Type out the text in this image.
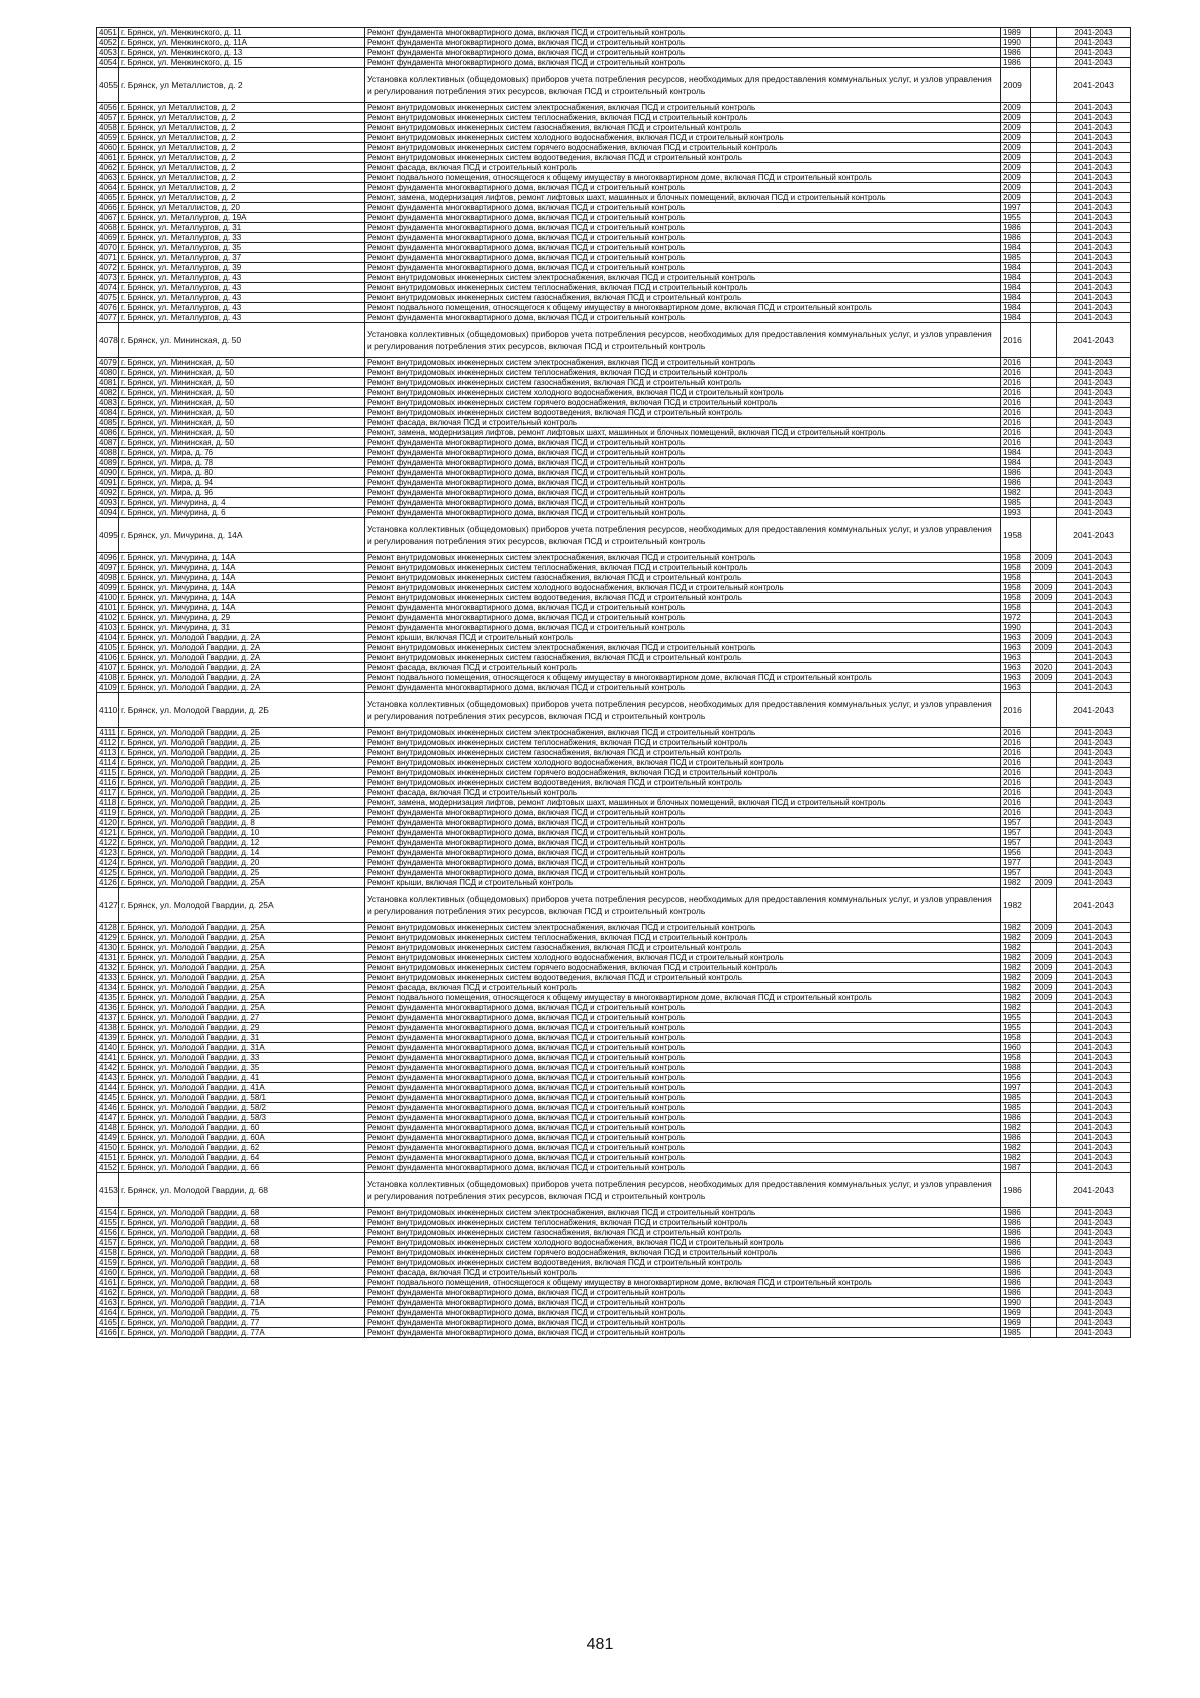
4051	г. Брянск, ул. Менжинского, д. 11	Ремонт фундамента многоквартирного дома, включая ПСД и строительный контроль	1989		2041-2043
4052	г. Брянск, ул. Менжинского, д. 11А	Ремонт фундамента многоквартирного дома, включая ПСД и строительный контроль	1990		2041-2043
4053	г. Брянск, ул. Менжинского, д. 13	Ремонт фундамента многоквартирного дома, включая ПСД и строительный контроль	1986		2041-2043
4054	г. Брянск, ул. Менжинского, д. 15	Ремонт фундамента многоквартирного дома, включая ПСД и строительный контроль	1986		2041-2043
4055	г. Брянск, ул Металлистов, д. 2	Установка коллективных (общедомовых) приборов учета потребления ресурсов, необходимых для предоставления коммунальных услуг, и узлов управления и регулирования потребления этих ресурсов, включая ПСД и строительный контроль	2009		2041-2043
4056	г. Брянск, ул Металлистов, д. 2	Ремонт внутридомовых инженерных систем электроснабжения, включая ПСД и строительный контроль	2009		2041-2043
4057	г. Брянск, ул Металлистов, д. 2	Ремонт внутридомовых инженерных систем теплоснабжения, включая ПСД и строительный контроль	2009		2041-2043
4058	г. Брянск, ул Металлистов, д. 2	Ремонт внутридомовых инженерных систем газоснабжения, включая ПСД и строительный контроль	2009		2041-2043
4059	г. Брянск, ул Металлистов, д. 2	Ремонт внутридомовых инженерных систем холодного водоснабжения, включая ПСД и строительный контроль	2009		2041-2043
4060	г. Брянск, ул Металлистов, д. 2	Ремонт внутридомовых инженерных систем горячего водоснабжения, включая ПСД и строительный контроль	2009		2041-2043
4061	г. Брянск, ул Металлистов, д. 2	Ремонт внутридомовых инженерных систем водоотведения, включая ПСД и строительный контроль	2009		2041-2043
4062	г. Брянск, ул Металлистов, д. 2	Ремонт фасада, включая ПСД и строительный контроль	2009		2041-2043
4063	г. Брянск, ул Металлистов, д. 2	Ремонт подвального помещения, относящегося к общему имуществу в многоквартирном доме, включая ПСД и строительный контроль	2009		2041-2043
4064	г. Брянск, ул Металлистов, д. 2	Ремонт фундамента многоквартирного дома, включая ПСД и строительный контроль	2009		2041-2043
4065	г. Брянск, ул Металлистов, д. 2	Ремонт, замена, модернизация лифтов, ремонт лифтовых шахт, машинных и блочных помещений, включая ПСД и строительный контроль	2009		2041-2043
4066	г. Брянск, ул Металлистов, д. 20	Ремонт фундамента многоквартирного дома, включая ПСД и строительный контроль	1997		2041-2043
4067	г. Брянск, ул. Металлургов, д. 19А	Ремонт фундамента многоквартирного дома, включая ПСД и строительный контроль	1955		2041-2043
4068	г. Брянск, ул. Металлургов, д. 31	Ремонт фундамента многоквартирного дома, включая ПСД и строительный контроль	1986		2041-2043
4069	г. Брянск, ул. Металлургов, д. 33	Ремонт фундамента многоквартирного дома, включая ПСД и строительный контроль	1986		2041-2043
4070	г. Брянск, ул. Металлургов, д. 35	Ремонт фундамента многоквартирного дома, включая ПСД и строительный контроль	1984		2041-2043
4071	г. Брянск, ул. Металлургов, д. 37	Ремонт фундамента многоквартирного дома, включая ПСД и строительный контроль	1985		2041-2043
4072	г. Брянск, ул. Металлургов, д. 39	Ремонт фундамента многоквартирного дома, включая ПСД и строительный контроль	1984		2041-2043
4073	г. Брянск, ул. Металлургов, д. 43	Ремонт внутридомовых инженерных систем электроснабжения, включая ПСД и строительный контроль	1984		2041-2043
4074	г. Брянск, ул. Металлургов, д. 43	Ремонт внутридомовых инженерных систем теплоснабжения, включая ПСД и строительный контроль	1984		2041-2043
4075	г. Брянск, ул. Металлургов, д. 43	Ремонт внутридомовых инженерных систем газоснабжения, включая ПСД и строительный контроль	1984		2041-2043
4076	г. Брянск, ул. Металлургов, д. 43	Ремонт подвального помещения, относящегося к общему имуществу в многоквартирном доме, включая ПСД и строительный контроль	1984		2041-2043
4077	г. Брянск, ул. Металлургов, д. 43	Ремонт фундамента многоквартирного дома, включая ПСД и строительный контроль	1984		2041-2043
4078	г. Брянск, ул. Мининская, д. 50	Установка коллективных (общедомовых) приборов учета потребления ресурсов, необходимых для предоставления коммунальных услуг, и узлов управления и регулирования потребления этих ресурсов, включая ПСД и строительный контроль	2016		2041-2043
4079	г. Брянск, ул. Мининская, д. 50	Ремонт внутридомовых инженерных систем электроснабжения, включая ПСД и строительный контроль	2016		2041-2043
4080	г. Брянск, ул. Мининская, д. 50	Ремонт внутридомовых инженерных систем теплоснабжения, включая ПСД и строительный контроль	2016		2041-2043
4081	г. Брянск, ул. Мининская, д. 50	Ремонт внутридомовых инженерных систем газоснабжения, включая ПСД и строительный контроль	2016		2041-2043
4082	г. Брянск, ул. Мининская, д. 50	Ремонт внутридомовых инженерных систем холодного водоснабжения, включая ПСД и строительный контроль	2016		2041-2043
4083	г. Брянск, ул. Мининская, д. 50	Ремонт внутридомовых инженерных систем горячего водоснабжения, включая ПСД и строительный контроль	2016		2041-2043
4084	г. Брянск, ул. Мининская, д. 50	Ремонт внутридомовых инженерных систем водоотведения, включая ПСД и строительный контроль	2016		2041-2043
4085	г. Брянск, ул. Мининская, д. 50	Ремонт фасада, включая ПСД и строительный контроль	2016		2041-2043
4086	г. Брянск, ул. Мининская, д. 50	Ремонт, замена, модернизация лифтов, ремонт лифтовых шахт, машинных и блочных помещений, включая ПСД и строительный контроль	2016		2041-2043
4087	г. Брянск, ул. Мининская, д. 50	Ремонт фундамента многоквартирного дома, включая ПСД и строительный контроль	2016		2041-2043
4088	г. Брянск, ул. Мира, д. 76	Ремонт фундамента многоквартирного дома, включая ПСД и строительный контроль	1984		2041-2043
4089	г. Брянск, ул. Мира, д. 78	Ремонт фундамента многоквартирного дома, включая ПСД и строительный контроль	1984		2041-2043
4090	г. Брянск, ул. Мира, д. 80	Ремонт фундамента многоквартирного дома, включая ПСД и строительный контроль	1986		2041-2043
4091	г. Брянск, ул. Мира, д. 94	Ремонт фундамента многоквартирного дома, включая ПСД и строительный контроль	1986		2041-2043
4092	г. Брянск, ул. Мира, д. 96	Ремонт фундамента многоквартирного дома, включая ПСД и строительный контроль	1982		2041-2043
4093	г. Брянск, ул. Мичурина, д. 4	Ремонт фундамента многоквартирного дома, включая ПСД и строительный контроль	1985		2041-2043
4094	г. Брянск, ул. Мичурина, д. 6	Ремонт фундамента многоквартирного дома, включая ПСД и строительный контроль	1993		2041-2043
4095	г. Брянск, ул. Мичурина, д. 14А	Установка коллективных (общедомовых) приборов учета потребления ресурсов, необходимых для предоставления коммунальных услуг, и узлов управления и регулирования потребления этих ресурсов, включая ПСД и строительный контроль	1958		2041-2043
4096	г. Брянск, ул. Мичурина, д. 14А	Ремонт внутридомовых инженерных систем электроснабжения, включая ПСД и строительный контроль	1958	2009	2041-2043
4097	г. Брянск, ул. Мичурина, д. 14А	Ремонт внутридомовых инженерных систем теплоснабжения, включая ПСД и строительный контроль	1958	2009	2041-2043
4098	г. Брянск, ул. Мичурина, д. 14А	Ремонт внутридомовых инженерных систем газоснабжения, включая ПСД и строительный контроль	1958		2041-2043
4099	г. Брянск, ул. Мичурина, д. 14А	Ремонт внутридомовых инженерных систем холодного водоснабжения, включая ПСД и строительный контроль	1958	2009	2041-2043
4100	г. Брянск, ул. Мичурина, д. 14А	Ремонт внутридомовых инженерных систем водоотведения, включая ПСД и строительный контроль	1958	2009	2041-2043
4101	г. Брянск, ул. Мичурина, д. 14А	Ремонт фундамента многоквартирного дома, включая ПСД и строительный контроль	1958		2041-2043
4102	г. Брянск, ул. Мичурина, д. 29	Ремонт фундамента многоквартирного дома, включая ПСД и строительный контроль	1972		2041-2043
4103	г. Брянск, ул. Мичурина, д. 31	Ремонт фундамента многоквартирного дома, включая ПСД и строительный контроль	1990		2041-2043
4104	г. Брянск, ул. Молодой Гвардии, д. 2А	Ремонт крыши, включая ПСД и строительный контроль	1963	2009	2041-2043
4105	г. Брянск, ул. Молодой Гвардии, д. 2А	Ремонт внутридомовых инженерных систем электроснабжения, включая ПСД и строительный контроль	1963	2009	2041-2043
4106	г. Брянск, ул. Молодой Гвардии, д. 2А	Ремонт внутридомовых инженерных систем газоснабжения, включая ПСД и строительный контроль	1963		2041-2043
4107	г. Брянск, ул. Молодой Гвардии, д. 2А	Ремонт фасада, включая ПСД и строительный контроль	1963	2020	2041-2043
4108	г. Брянск, ул. Молодой Гвардии, д. 2А	Ремонт подвального помещения, относящегося к общему имуществу в многоквартирном доме, включая ПСД и строительный контроль	1963	2009	2041-2043
4109	г. Брянск, ул. Молодой Гвардии, д. 2А	Ремонт фундамента многоквартирного дома, включая ПСД и строительный контроль	1963		2041-2043
4110	г. Брянск, ул. Молодой Гвардии, д. 2Б	Установка коллективных (общедомовых) приборов учета потребления ресурсов, необходимых для предоставления коммунальных услуг, и узлов управления и регулирования потребления этих ресурсов, включая ПСД и строительный контроль	2016		2041-2043
4111	г. Брянск, ул. Молодой Гвардии, д. 2Б	Ремонт внутридомовых инженерных систем электроснабжения, включая ПСД и строительный контроль	2016		2041-2043
4112	г. Брянск, ул. Молодой Гвардии, д. 2Б	Ремонт внутридомовых инженерных систем теплоснабжения, включая ПСД и строительный контроль	2016		2041-2043
4113	г. Брянск, ул. Молодой Гвардии, д. 2Б	Ремонт внутридомовых инженерных систем газоснабжения, включая ПСД и строительный контроль	2016		2041-2043
4114	г. Брянск, ул. Молодой Гвардии, д. 2Б	Ремонт внутридомовых инженерных систем холодного водоснабжения, включая ПСД и строительный контроль	2016		2041-2043
4115	г. Брянск, ул. Молодой Гвардии, д. 2Б	Ремонт внутридомовых инженерных систем горячего водоснабжения, включая ПСД и строительный контроль	2016		2041-2043
4116	г. Брянск, ул. Молодой Гвардии, д. 2Б	Ремонт внутридомовых инженерных систем водоотведения, включая ПСД и строительный контроль	2016		2041-2043
4117	г. Брянск, ул. Молодой Гвардии, д. 2Б	Ремонт фасада, включая ПСД и строительный контроль	2016		2041-2043
4118	г. Брянск, ул. Молодой Гвардии, д. 2Б	Ремонт, замена, модернизация лифтов, ремонт лифтовых шахт, машинных и блочных помещений, включая ПСД и строительный контроль	2016		2041-2043
4119	г. Брянск, ул. Молодой Гвардии, д. 2Б	Ремонт фундамента многоквартирного дома, включая ПСД и строительный контроль	2016		2041-2043
4120	г. Брянск, ул. Молодой Гвардии, д. 8	Ремонт фундамента многоквартирного дома, включая ПСД и строительный контроль	1957		2041-2043
4121	г. Брянск, ул. Молодой Гвардии, д. 10	Ремонт фундамента многоквартирного дома, включая ПСД и строительный контроль	1957		2041-2043
4122	г. Брянск, ул. Молодой Гвардии, д. 12	Ремонт фундамента многоквартирного дома, включая ПСД и строительный контроль	1957		2041-2043
4123	г. Брянск, ул. Молодой Гвардии, д. 14	Ремонт фундамента многоквартирного дома, включая ПСД и строительный контроль	1956		2041-2043
4124	г. Брянск, ул. Молодой Гвардии, д. 20	Ремонт фундамента многоквартирного дома, включая ПСД и строительный контроль	1977		2041-2043
4125	г. Брянск, ул. Молодой Гвардии, д. 25	Ремонт фундамента многоквартирного дома, включая ПСД и строительный контроль	1957		2041-2043
4126	г. Брянск, ул. Молодой Гвардии, д. 25А	Ремонт крыши, включая ПСД и строительный контроль	1982	2009	2041-2043
4127	г. Брянск, ул. Молодой Гвардии, д. 25А	Установка коллективных (общедомовых) приборов учета потребления ресурсов, необходимых для предоставления коммунальных услуг, и узлов управления и регулирования потребления этих ресурсов, включая ПСД и строительный контроль	1982		2041-2043
4128	г. Брянск, ул. Молодой Гвардии, д. 25А	Ремонт внутридомовых инженерных систем электроснабжения, включая ПСД и строительный контроль	1982	2009	2041-2043
4129	г. Брянск, ул. Молодой Гвардии, д. 25А	Ремонт внутридомовых инженерных систем теплоснабжения, включая ПСД и строительный контроль	1982	2009	2041-2043
4130	г. Брянск, ул. Молодой Гвардии, д. 25А	Ремонт внутридомовых инженерных систем газоснабжения, включая ПСД и строительный контроль	1982		2041-2043
4131	г. Брянск, ул. Молодой Гвардии, д. 25А	Ремонт внутридомовых инженерных систем холодного водоснабжения, включая ПСД и строительный контроль	1982	2009	2041-2043
4132	г. Брянск, ул. Молодой Гвардии, д. 25А	Ремонт внутридомовых инженерных систем горячего водоснабжения, включая ПСД и строительный контроль	1982	2009	2041-2043
4133	г. Брянск, ул. Молодой Гвардии, д. 25А	Ремонт внутридомовых инженерных систем водоотведения, включая ПСД и строительный контроль	1982	2009	2041-2043
4134	г. Брянск, ул. Молодой Гвардии, д. 25А	Ремонт фасада, включая ПСД и строительный контроль	1982	2009	2041-2043
4135	г. Брянск, ул. Молодой Гвардии, д. 25А	Ремонт подвального помещения, относящегося к общему имуществу в многоквартирном доме, включая ПСД и строительный контроль	1982	2009	2041-2043
4136	г. Брянск, ул. Молодой Гвардии, д. 25А	Ремонт фундамента многоквартирного дома, включая ПСД и строительный контроль	1982		2041-2043
4137	г. Брянск, ул. Молодой Гвардии, д. 27	Ремонт фундамента многоквартирного дома, включая ПСД и строительный контроль	1955		2041-2043
4138	г. Брянск, ул. Молодой Гвардии, д. 29	Ремонт фундамента многоквартирного дома, включая ПСД и строительный контроль	1955		2041-2043
4139	г. Брянск, ул. Молодой Гвардии, д. 31	Ремонт фундамента многоквартирного дома, включая ПСД и строительный контроль	1958		2041-2043
4140	г. Брянск, ул. Молодой Гвардии, д. 31А	Ремонт фундамента многоквартирного дома, включая ПСД и строительный контроль	1960		2041-2043
4141	г. Брянск, ул. Молодой Гвардии, д. 33	Ремонт фундамента многоквартирного дома, включая ПСД и строительный контроль	1958		2041-2043
4142	г. Брянск, ул. Молодой Гвардии, д. 35	Ремонт фундамента многоквартирного дома, включая ПСД и строительный контроль	1988		2041-2043
4143	г. Брянск, ул. Молодой Гвардии, д. 41	Ремонт фундамента многоквартирного дома, включая ПСД и строительный контроль	1956		2041-2043
4144	г. Брянск, ул. Молодой Гвардии, д. 41А	Ремонт фундамента многоквартирного дома, включая ПСД и строительный контроль	1997		2041-2043
4145	г. Брянск, ул. Молодой Гвардии, д. 58/1	Ремонт фундамента многоквартирного дома, включая ПСД и строительный контроль	1985		2041-2043
4146	г. Брянск, ул. Молодой Гвардии, д. 58/2	Ремонт фундамента многоквартирного дома, включая ПСД и строительный контроль	1985		2041-2043
4147	г. Брянск, ул. Молодой Гвардии, д. 58/3	Ремонт фундамента многоквартирного дома, включая ПСД и строительный контроль	1986		2041-2043
4148	г. Брянск, ул. Молодой Гвардии, д. 60	Ремонт фундамента многоквартирного дома, включая ПСД и строительный контроль	1982		2041-2043
4149	г. Брянск, ул. Молодой Гвардии, д. 60А	Ремонт фундамента многоквартирного дома, включая ПСД и строительный контроль	1986		2041-2043
4150	г. Брянск, ул. Молодой Гвардии, д. 62	Ремонт фундамента многоквартирного дома, включая ПСД и строительный контроль	1982		2041-2043
4151	г. Брянск, ул. Молодой Гвардии, д. 64	Ремонт фундамента многоквартирного дома, включая ПСД и строительный контроль	1982		2041-2043
4152	г. Брянск, ул. Молодой Гвардии, д. 66	Ремонт фундамента многоквартирного дома, включая ПСД и строительный контроль	1987		2041-2043
4153	г. Брянск, ул. Молодой Гвардии, д. 68	Установка коллективных (общедомовых) приборов учета потребления ресурсов, необходимых для предоставления коммунальных услуг, и узлов управления и регулирования потребления этих ресурсов, включая ПСД и строительный контроль	1986		2041-2043
4154	г. Брянск, ул. Молодой Гвардии, д. 68	Ремонт внутридомовых инженерных систем электроснабжения, включая ПСД и строительный контроль	1986		2041-2043
4155	г. Брянск, ул. Молодой Гвардии, д. 68	Ремонт внутридомовых инженерных систем теплоснабжения, включая ПСД и строительный контроль	1986		2041-2043
4156	г. Брянск, ул. Молодой Гвардии, д. 68	Ремонт внутридомовых инженерных систем газоснабжения, включая ПСД и строительный контроль	1986		2041-2043
4157	г. Брянск, ул. Молодой Гвардии, д. 68	Ремонт внутридомовых инженерных систем холодного водоснабжения, включая ПСД и строительный контроль	1986		2041-2043
4158	г. Брянск, ул. Молодой Гвардии, д. 68	Ремонт внутридомовых инженерных систем горячего водоснабжения, включая ПСД и строительный контроль	1986		2041-2043
4159	г. Брянск, ул. Молодой Гвардии, д. 68	Ремонт внутридомовых инженерных систем водоотведения, включая ПСД и строительный контроль	1986		2041-2043
4160	г. Брянск, ул. Молодой Гвардии, д. 68	Ремонт фасада, включая ПСД и строительный контроль	1986		2041-2043
4161	г. Брянск, ул. Молодой Гвардии, д. 68	Ремонт подвального помещения, относящегося к общему имуществу в многоквартирном доме, включая ПСД и строительный контроль	1986		2041-2043
4162	г. Брянск, ул. Молодой Гвардии, д. 68	Ремонт фундамента многоквартирного дома, включая ПСД и строительный контроль	1986		2041-2043
4163	г. Брянск, ул. Молодой Гвардии, д. 71А	Ремонт фундамента многоквартирного дома, включая ПСД и строительный контроль	1990		2041-2043
4164	г. Брянск, ул. Молодой Гвардии, д. 75	Ремонт фундамента многоквартирного дома, включая ПСД и строительный контроль	1969		2041-2043
4165	г. Брянск, ул. Молодой Гвардии, д. 77	Ремонт фундамента многоквартирного дома, включая ПСД и строительный контроль	1969		2041-2043
4166	г. Брянск, ул. Молодой Гвардии, д. 77А	Ремонт фундамента многоквартирного дома, включая ПСД и строительный контроль	1985		2041-2043
481
